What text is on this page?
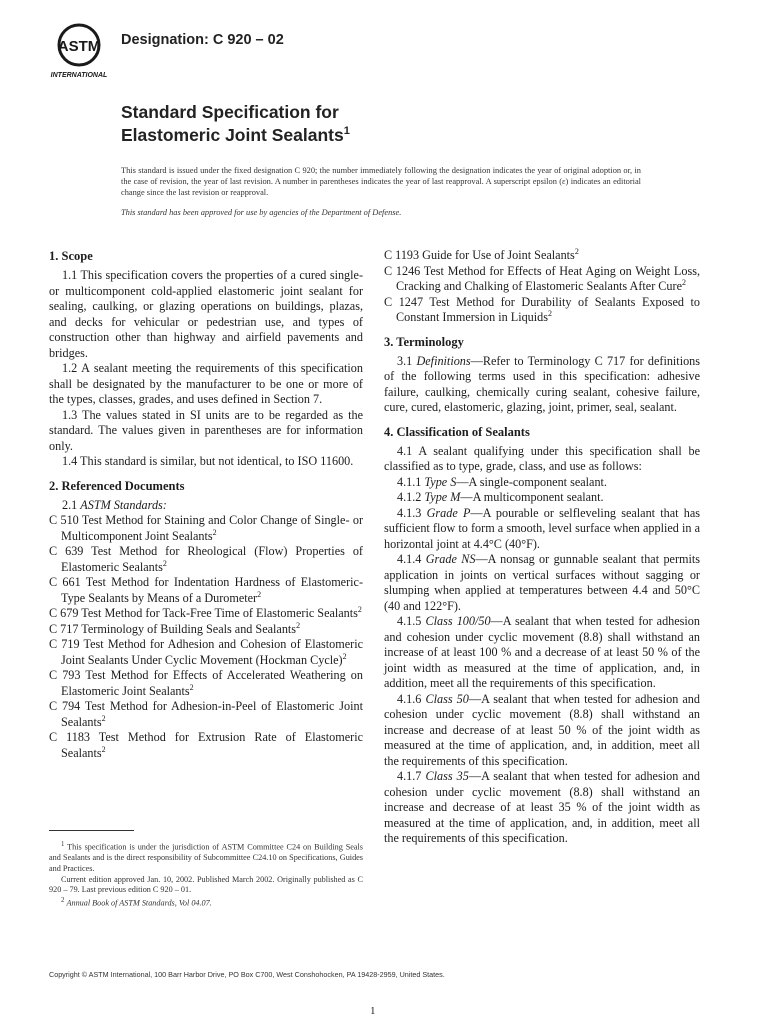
ASTM
INTERNATIONAL
Designation: C 920 – 02
Standard Specification for
Elastomeric Joint Sealants$^1$
This standard is issued under the fixed designation C 920; the number immediately following the designation indicates the year of original adoption or, in the case of revision, the year of last revision. A number in parentheses indicates the year of last reapproval. A superscript epsilon (ε) indicates an editorial change since the last revision or reapproval.
This standard has been approved for use by agencies of the Department of Defense.
1. Scope

1.1 This specification covers the properties of a cured single- or multicomponent cold-applied elastomeric joint sealant for sealing, caulking, or glazing operations on buildings, plazas, and decks for vehicular or pedestrian use, and types of construction other than highway and airfield pavements and bridges.

1.2 A sealant meeting the requirements of this specification shall be designated by the manufacturer to be one or more of the types, classes, grades, and uses defined in Section 7.

1.3 The values stated in SI units are to be regarded as the standard. The values given in parentheses are for information only.

1.4 This standard is similar, but not identical, to ISO 11600.

2. Referenced Documents

2.1 ASTM Standards:

C 510 Test Method for Staining and Color Change of Single- or Multicomponent Joint Sealants$^2$

C 639 Test Method for Rheological (Flow) Properties of Elastomeric Sealants$^2$

C 661 Test Method for Indentation Hardness of Elastomeric-Type Sealants by Means of a Durometer$^2$

C 679 Test Method for Tack-Free Time of Elastomeric Sealants$^2$

C 717 Terminology of Building Seals and Sealants$^2$

C 719 Test Method for Adhesion and Cohesion of Elastomeric Joint Sealants Under Cyclic Movement (Hockman Cycle)$^2$

C 793 Test Method for Effects of Accelerated Weathering on Elastomeric Joint Sealants$^2$

C 794 Test Method for Adhesion-in-Peel of Elastomeric Joint Sealants$^2$

C 1183 Test Method for Extrusion Rate of Elastomeric Sealants$^2$

C 1193 Guide for Use of Joint Sealants$^2$

C 1246 Test Method for Effects of Heat Aging on Weight Loss, Cracking and Chalking of Elastomeric Sealants After Cure$^2$

C 1247 Test Method for Durability of Sealants Exposed to Constant Immersion in Liquids$^2$

3. Terminology

3.1 Definitions—Refer to Terminology C 717 for definitions of the following terms used in this specification: adhesive failure, caulking, chemically curing sealant, cohesive failure, cure, cured, elastomeric, glazing, joint, primer, seal, sealant.

4. Classification of Sealants

4.1 A sealant qualifying under this specification shall be classified as to type, grade, class, and use as follows:

4.1.1 Type S—A single-component sealant.

4.1.2 Type M—A multicomponent sealant.

4.1.3 Grade P—A pourable or selfleveling sealant that has sufficient flow to form a smooth, level surface when applied in a horizontal joint at 4.4°C (40°F).

4.1.4 Grade NS—A nonsag or gunnable sealant that permits application in joints on vertical surfaces without sagging or slumping when applied at temperatures between 4.4 and 50°C (40 and 122°F).

4.1.5 Class 100/50—A sealant that when tested for adhesion and cohesion under cyclic movement (8.8) shall withstand an increase of at least 100 % and a decrease of at least 50 % of the joint width as measured at the time of application, and, in addition, meet all the requirements of this specification.

4.1.6 Class 50—A sealant that when tested for adhesion and cohesion under cyclic movement (8.8) shall withstand an increase and decrease of at least 50 % of the joint width as measured at the time of application, and, in addition, meet all the requirements of this specification.

4.1.7 Class 35—A sealant that when tested for adhesion and cohesion under cyclic movement (8.8) shall withstand an increase and decrease of at least 35 % of the joint width as measured at the time of application, and, in addition, meet all the requirements of this specification.

$^1$ This specification is under the jurisdiction of ASTM Committee C24 on Building Seals and Sealants and is the direct responsibility of Subcommittee C24.10 on Specifications, Guides and Practices.

Current edition approved Jan. 10, 2002. Published March 2002. Originally published as C 920 – 79. Last previous edition C 920 – 01.

$^2$ Annual Book of ASTM Standards, Vol 04.07.

Copyright © ASTM International, 100 Barr Harbor Drive, PO Box C700, West Conshohocken, PA 19428-2959, United States.
1
